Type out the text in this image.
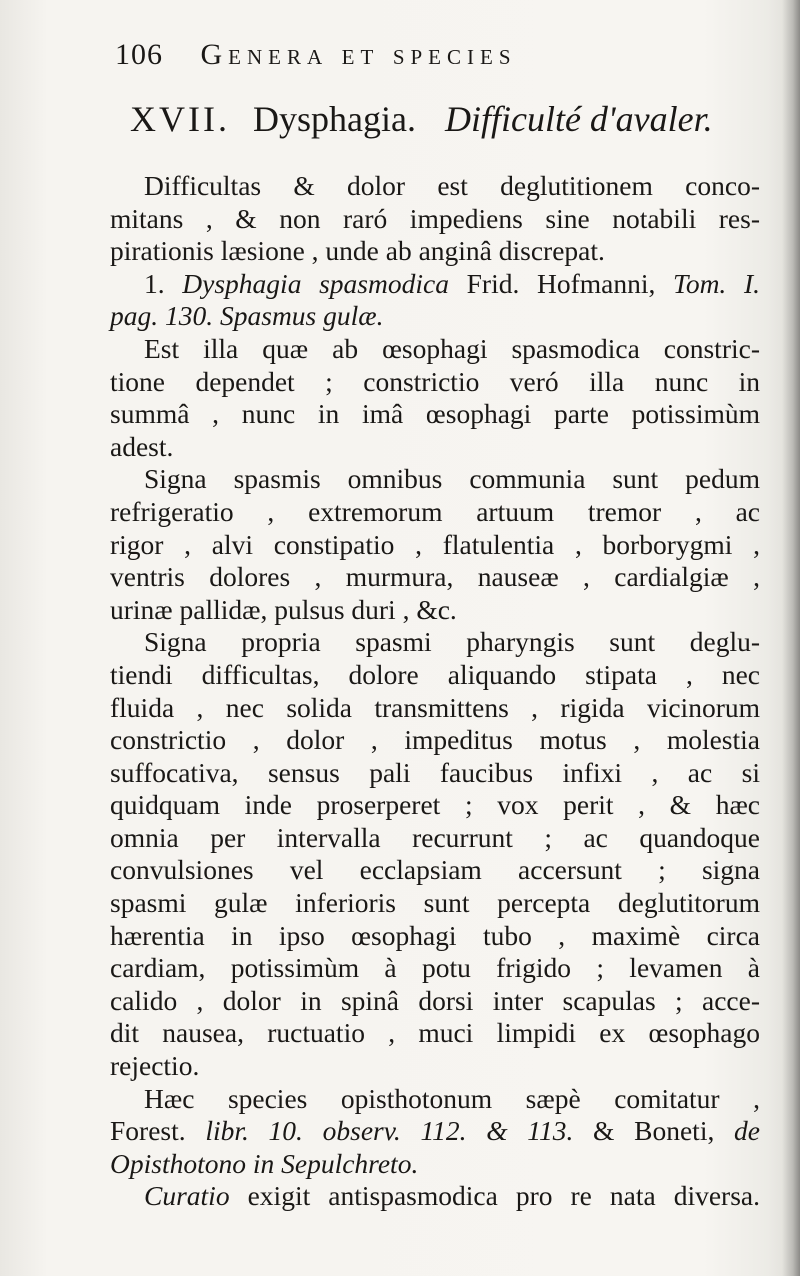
106 Genera et species
XVII. Dysphagia. Difficulté d'avaler.
Difficultas & dolor est deglutitionem conco-
mitans , & non raró impediens sine notabili res-
pirationis læsione , unde ab anginâ discrepat.
1. Dysphagia spasmodica Frid. Hofmanni, Tom. I.
pag. 130. Spasmus gulæ.
Est illa quæ ab œsophagi spasmodica constric-
tione dependet ; constrictio veró illa nunc in
summâ , nunc in imâ œsophagi parte potissimùm
adest.
Signa spasmis omnibus communia sunt pedum
refrigeratio , extremorum artuum tremor , ac
rigor , alvi constipatio , flatulentia , borborygmi ,
ventris dolores , murmura, nauseæ , cardialgiæ ,
urinæ pallidæ, pulsus duri , &c.
Signa propria spasmi pharyngis sunt deglu-
tiendi difficultas, dolore aliquando stipata , nec
fluida , nec solida transmittens , rigida vicinorum
constrictio , dolor , impeditus motus , molestia
suffocativa, sensus pali faucibus infixi , ac si
quidquam inde proserperet ; vox perit , & hæc
omnia per intervalla recurrunt ; ac quandoque
convulsiones vel ecclapsiam accersunt ; signa
spasmi gulæ inferioris sunt percepta deglutitorum
hærentia in ipso œsophagi tubo , maximè circa
cardiam, potissimùm à potu frigido ; levamen à
calido , dolor in spinâ dorsi inter scapulas ; acce-
dit nausea, ructuatio , muci limpidi ex œsophago
rejectio.
Hæc species opisthotonum sæpè comitatur ,
Forest. libr. 10. observ. 112. & 113. & Boneti, de
Opisthotono in Sepulchreto.
Curatio exigit antispasmodica pro re nata diversa.
